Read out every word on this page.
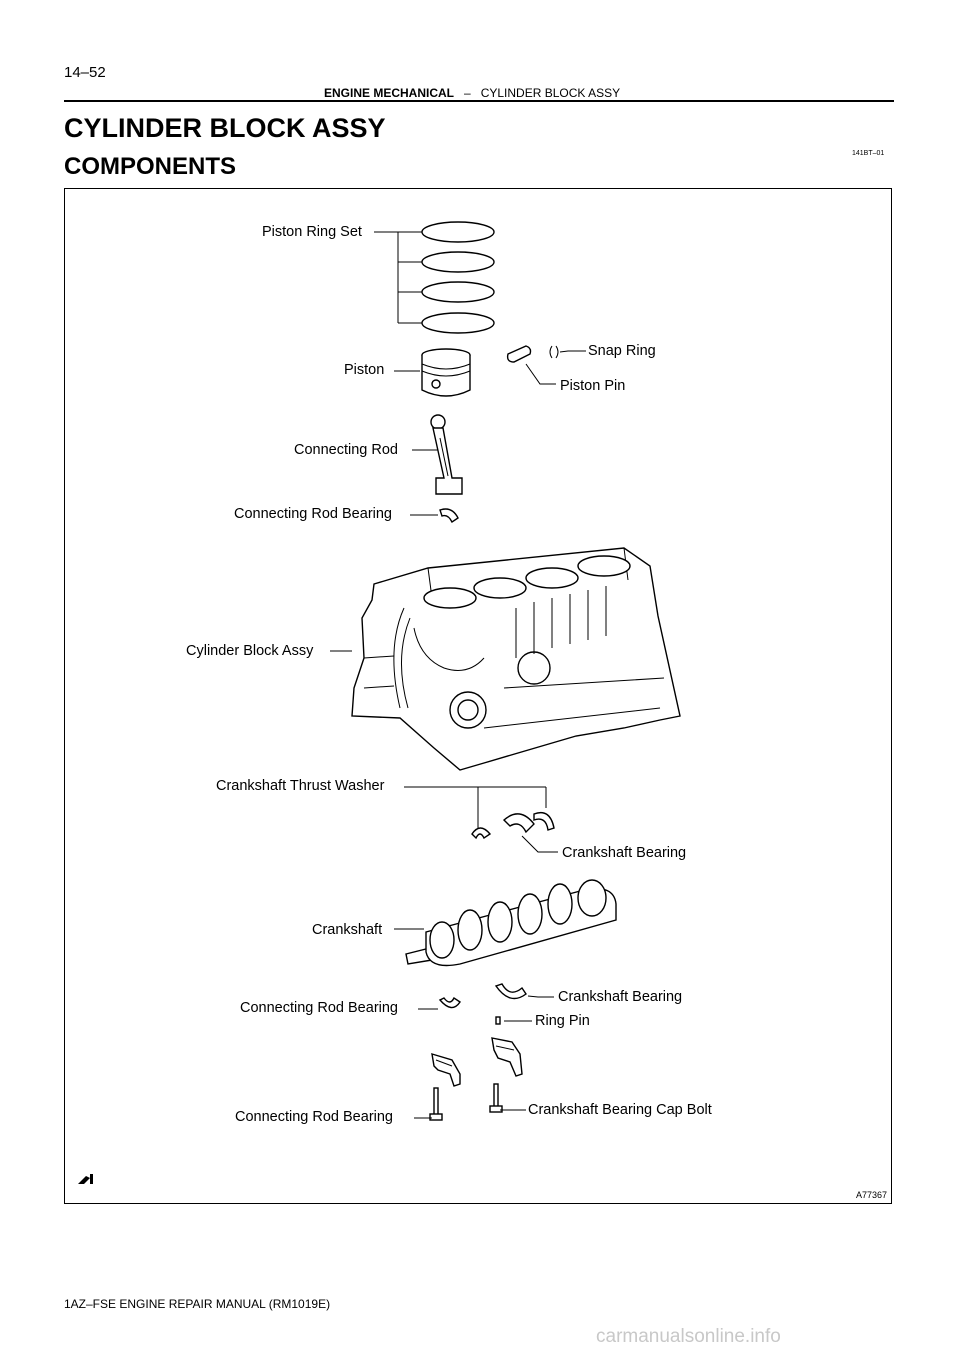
14–52
ENGINE MECHANICAL – CYLINDER BLOCK ASSY
CYLINDER BLOCK ASSY
COMPONENTS	141BT–01
Piston Ring Set
Snap Ring
Piston
Piston Pin
Connecting Rod
Connecting Rod Bearing
Cylinder Block Assy
Crankshaft Thrust Washer
Crankshaft Bearing
Crankshaft
Connecting Rod Bearing
Crankshaft Bearing
Ring Pin
Connecting Rod Bearing	Crankshaft Bearing Cap Bolt
A77367
1AZ–FSE ENGINE REPAIR MANUAL (RM1019E)
carmanualsonline.info
